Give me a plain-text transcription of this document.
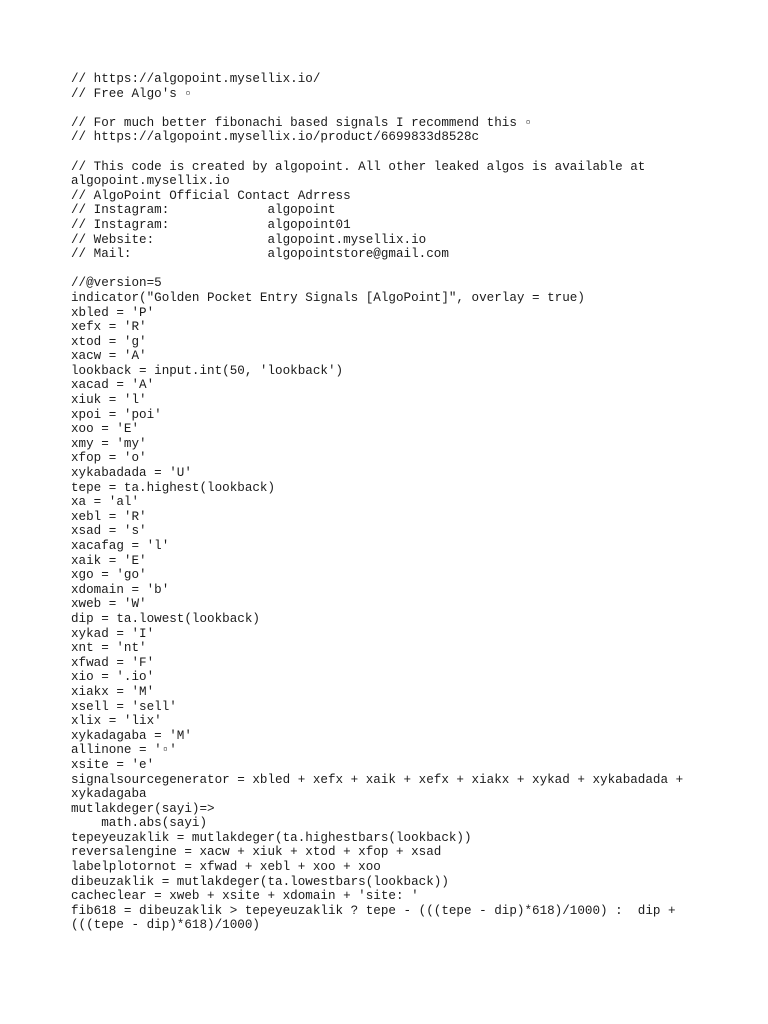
// https://algopoint.mysellix.io/
// Free Algo's ▫
// For much better fibonachi based signals I recommend this ▫
// https://algopoint.mysellix.io/product/6699833d8528c
// This code is created by algopoint. All other leaked algos is available at
algopoint.mysellix.io
// AlgoPoint Official Contact Adrress
// Instagram:             algopoint
// Instagram:             algopoint01
// Website:               algopoint.mysellix.io
// Mail:                  algopointstore@gmail.com
//@version=5
indicator("Golden Pocket Entry Signals [AlgoPoint]", overlay = true)
xbled = 'P'
xefx = 'R'
xtod = 'g'
xacw = 'A'
lookback = input.int(50, 'lookback')
xacad = 'A'
xiuk = 'l'
xpoi = 'poi'
xoo = 'E'
xmy = 'my'
xfop = 'o'
xykabadada = 'U'
tepe = ta.highest(lookback)
xa = 'al'
xebl = 'R'
xsad = 's'
xacafag = 'l'
xaik = 'E'
xgo = 'go'
xdomain = 'b'
xweb = 'W'
dip = ta.lowest(lookback)
xykad = 'I'
xnt = 'nt'
xfwad = 'F'
xio = '.io'
xiakx = 'M'
xsell = 'sell'
xlix = 'lix'
xykadagaba = 'M'
allinone = '▫'
xsite = 'e'
signalsourcegenerator = xbled + xefx + xaik + xefx + xiakx + xykad + xykabadada +
xykadagaba
mutlakdeger(sayi)=>
math.abs(sayi)
tepeyeuzaklik = mutlakdeger(ta.highestbars(lookback))
reversalengine = xacw + xiuk + xtod + xfop + xsad
labelplotornot = xfwad + xebl + xoo + xoo
dibeuzaklik = mutlakdeger(ta.lowestbars(lookback))
cacheclear = xweb + xsite + xdomain + 'site: '
fib618 = dibeuzaklik > tepeyeuzaklik ? tepe - (((tepe - dip)*618)/1000) :  dip +
(((tepe - dip)*618)/1000)
